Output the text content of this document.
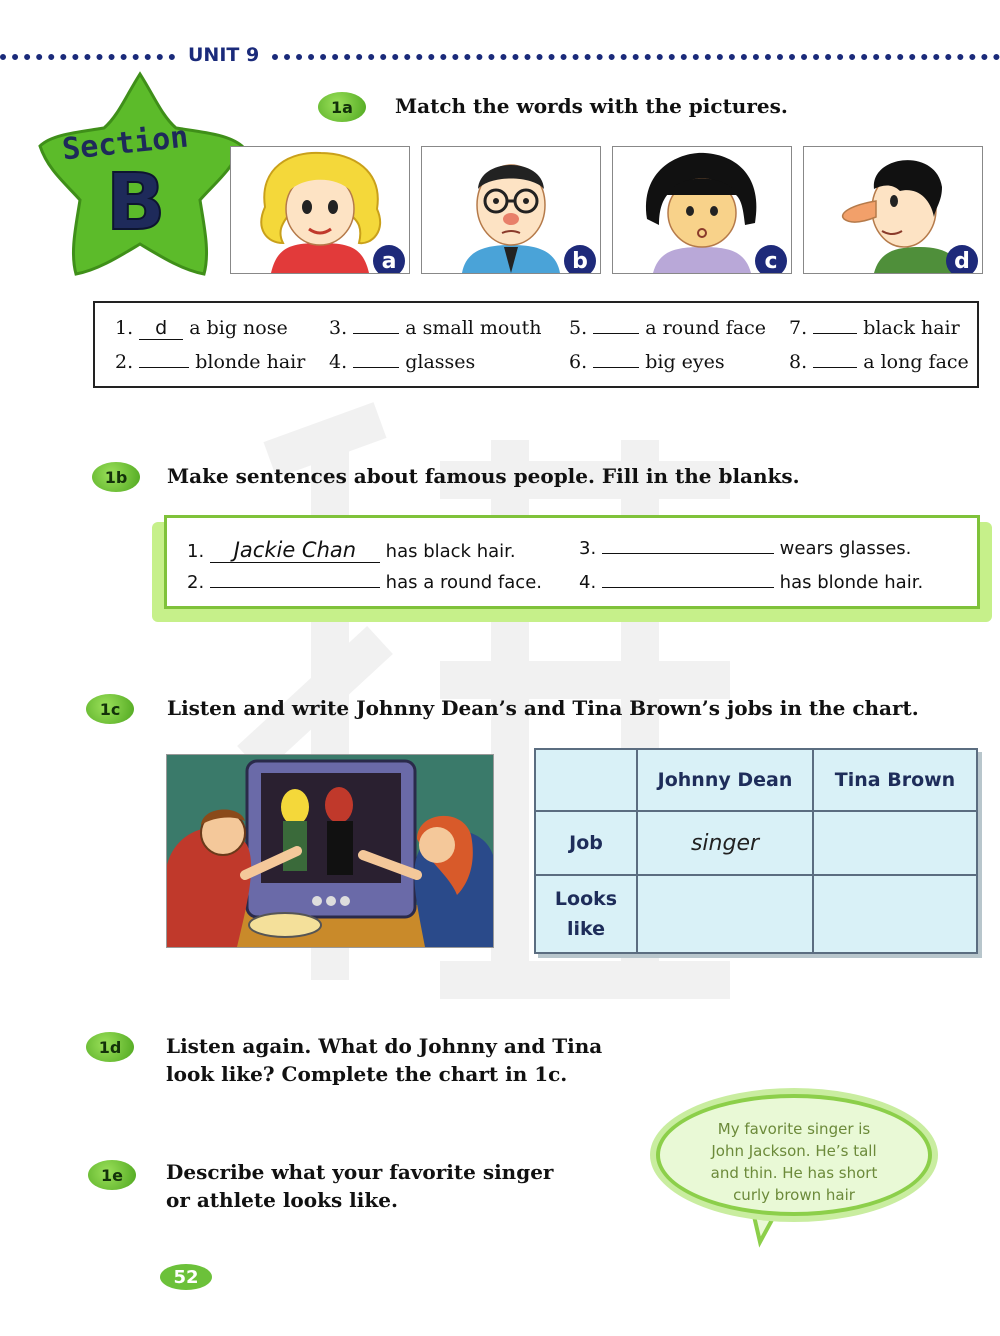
UNIT 9
Section
B
1a	Match the words with the pictures.
a	b	c	d
1. d a big nose
2.	blonde hair
3.	a small mouth
4.	glasses
5.	a round face
6.	big eyes
7.	black hair
8.	a long face
1b	Make sentences about famous people. Fill in the blanks.
1. Jackie Chan has black hair.
2.	has a round face.
3.	wears glasses.
4.	has blonde hair.
1c	Listen and write Johnny Dean’s and Tina Brown’s jobs in the chart.
	Johnny Dean	Tina Brown
Job	singer	
Looks like		
1d	Listen again. What do Johnny and Tina
look like? Complete the chart in 1c.
1e	Describe what your favorite singer
or athlete looks like.
My favorite singer is
John Jackson. He’s tall
and thin. He has short
curly brown hair
52
